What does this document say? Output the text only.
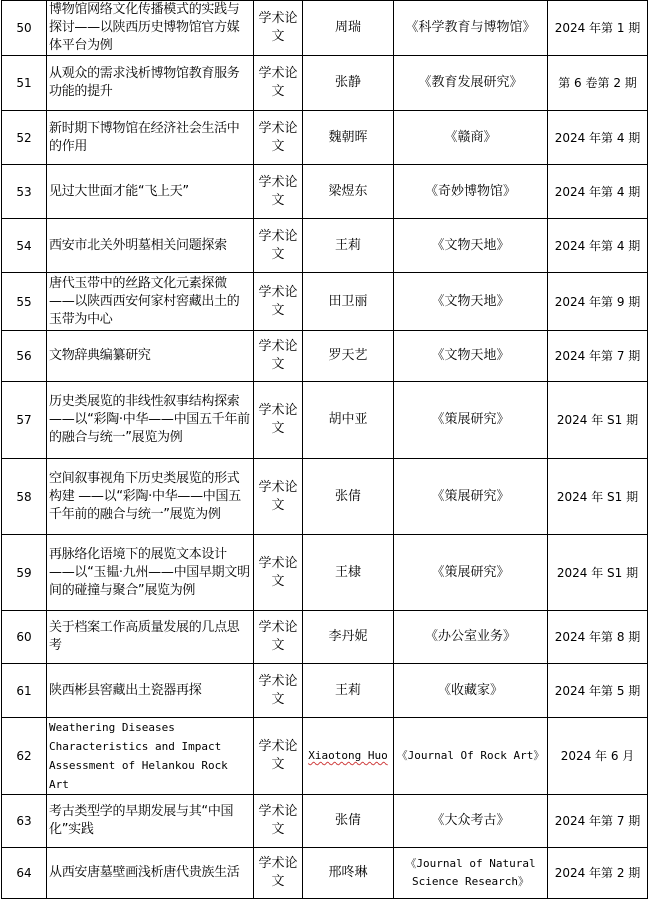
50	博物馆网络文化传播模式的实践与探讨——以陕西历史博物馆官方媒体平台为例	学术论文	周瑞	《科学教育与博物馆》	2024 年第 1 期
51	从观众的需求浅析博物馆教育服务功能的提升	学术论文	张静	《教育发展研究》	第 6 卷第 2 期
52	新时期下博物馆在经济社会生活中的作用	学术论文	魏朝晖	《赣商》	2024 年第 4 期
53	见过大世面才能“飞上天”	学术论文	梁煜东	《奇妙博物馆》	2024 年第 4 期
54	西安市北关外明墓相关问题探索	学术论文	王莉	《文物天地》	2024 年第 4 期
55	唐代玉带中的丝路文化元素探微——以陕西西安何家村窖藏出土的玉带为中心	学术论文	田卫丽	《文物天地》	2024 年第 9 期
56	文物辞典编纂研究	学术论文	罗天艺	《文物天地》	2024 年第 7 期
57	历史类展览的非线性叙事结构探索——以“彩陶·中华——中国五千年前的融合与统一”展览为例	学术论文	胡中亚	《策展研究》	2024 年 S1 期
58	空间叙事视角下历史类展览的形式构建 ——以“彩陶·中华——中国五千年前的融合与统一”展览为例	学术论文	张倩	《策展研究》	2024 年 S1 期
59	再脉络化语境下的展览文本设计——以“玉韫·九州——中国早期文明间的碰撞与聚合”展览为例	学术论文	王棣	《策展研究》	2024 年 S1 期
60	关于档案工作高质量发展的几点思考	学术论文	李丹妮	《办公室业务》	2024 年第 8 期
61	陕西彬县窖藏出土瓷器再探	学术论文	王莉	《收藏家》	2024 年第 5 期
62	Weathering Diseases Characteristics and Impact Assessment of Helankou Rock Art	学术论文	Xiaotong Huo	《Journal Of Rock Art》	2024 年 6 月
63	考古类型学的早期发展与其“中国化”实践	学术论文	张倩	《大众考古》	2024 年第 7 期
64	从西安唐墓壁画浅析唐代贵族生活	学术论文	邢咚琳	《Journal of Natural Science Research》	2024 年第 2 期
